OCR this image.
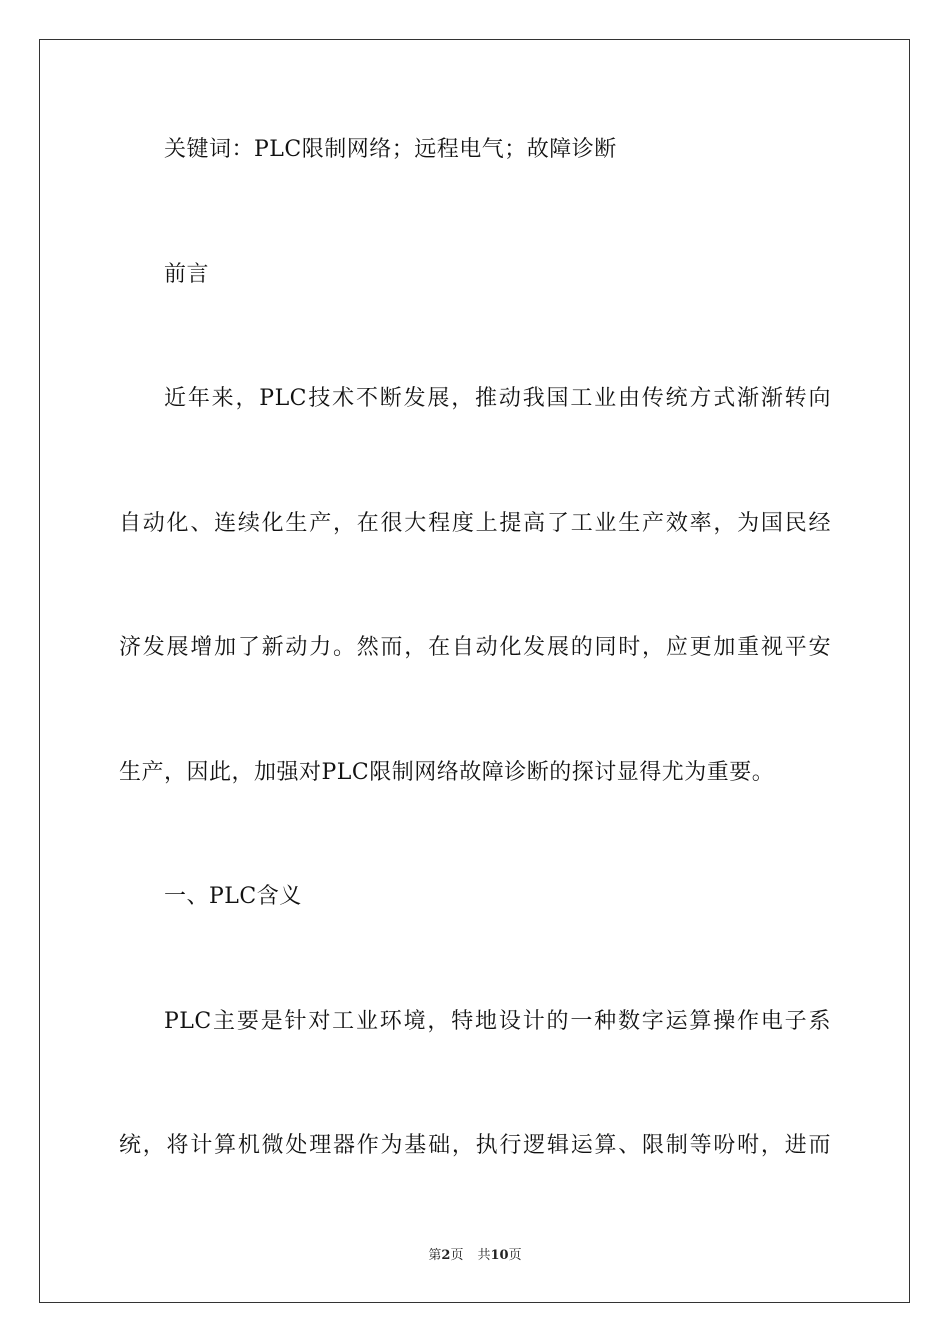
关键词：PLC限制网络；远程电气；故障诊断
前言
近年来，PLC技术不断发展，推动我国工业由传统方式渐渐转向
自动化、连续化生产，在很大程度上提高了工业生产效率，为国民经
济发展增加了新动力。然而，在自动化发展的同时，应更加重视平安
生产，因此，加强对PLC限制网络故障诊断的探讨显得尤为重要。
一、PLC含义
PLC主要是针对工业环境，特地设计的一种数字运算操作电子系
统，将计算机微处理器作为基础，执行逻辑运算、限制等吩咐，进而
第2页 共10页
